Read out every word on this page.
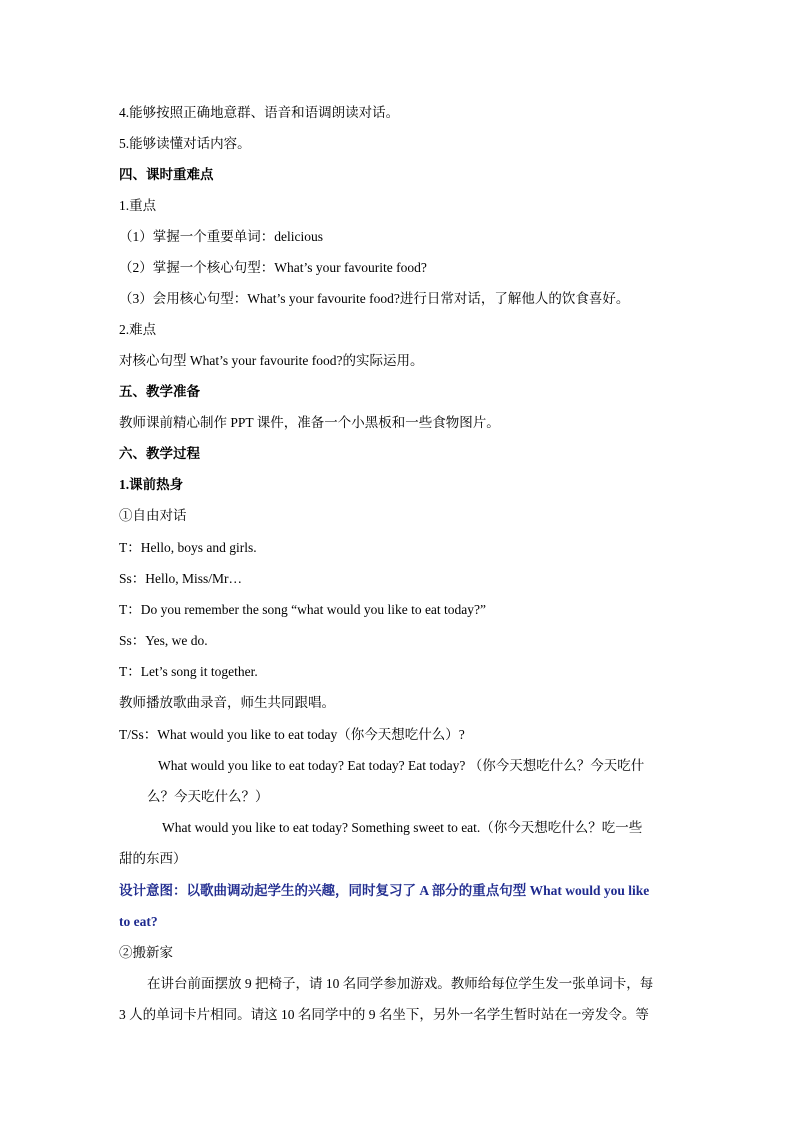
4.能够按照正确地意群、语音和语调朗读对话。
5.能够读懂对话内容。
四、课时重难点
1.重点
（1）掌握一个重要单词：delicious
（2）掌握一个核心句型：What’s your favourite food?
（3）会用核心句型：What’s your favourite food?进行日常对话，了解他人的饮食喜好。
2.难点
对核心句型 What’s your favourite food?的实际运用。
五、教学准备
教师课前精心制作 PPT 课件，准备一个小黑板和一些食物图片。
六、教学过程
1.课前热身
①自由对话
T：Hello, boys and girls.
Ss：Hello, Miss/Mr…
T：Do you remember the song “what would you like to eat today?”
Ss：Yes, we do.
T：Let’s song it together.
教师播放歌曲录音，师生共同跟唱。
T/Ss：What would you like to eat today（你今天想吃什么）?
What would you like to eat today? Eat today? Eat today? （你今天想吃什么？今天吃什
么？今天吃什么？）
What would you like to eat today? Something sweet to eat.（你今天想吃什么？吃一些
甜的东西）
设计意图：以歌曲调动起学生的兴趣，同时复习了 A 部分的重点句型 What would you like
to eat?
②搬新家
在讲台前面摆放 9 把椅子，请 10 名同学参加游戏。教师给每位学生发一张单词卡，每
3 人的单词卡片相同。请这 10 名同学中的 9 名坐下，另外一名学生暂时站在一旁发令。等
